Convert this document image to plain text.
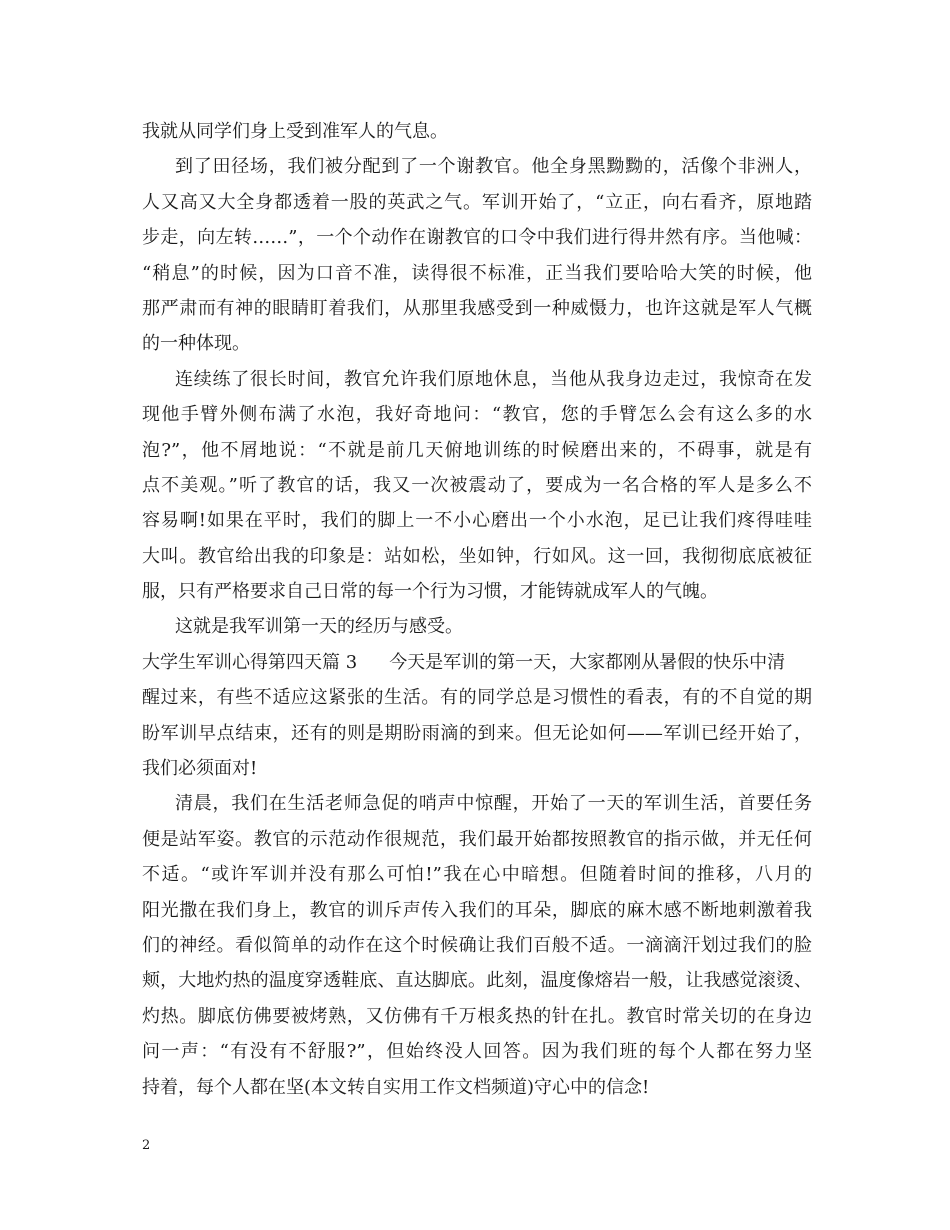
我就从同学们身上受到准军人的气息。
到了田径场，我们被分配到了一个谢教官。他全身黑黝黝的，活像个非洲人，
人又高又大全身都透着一股的英武之气。军训开始了，“立正，向右看齐，原地踏
步走，向左转……”，一个个动作在谢教官的口令中我们进行得井然有序。当他喊：
“稍息”的时候，因为口音不准，读得很不标准，正当我们要哈哈大笑的时候，他
那严肃而有神的眼睛盯着我们，从那里我感受到一种威慑力，也许这就是军人气概
的一种体现。
连续练了很长时间，教官允许我们原地休息，当他从我身边走过，我惊奇在发
现他手臂外侧布满了水泡，我好奇地问：“教官，您的手臂怎么会有这么多的水
泡?”，他不屑地说：“不就是前几天俯地训练的时候磨出来的，不碍事，就是有
点不美观。”听了教官的话，我又一次被震动了，要成为一名合格的军人是多么不
容易啊!如果在平时，我们的脚上一不小心磨出一个小水泡，足已让我们疼得哇哇
大叫。教官给出我的印象是：站如松，坐如钟，行如风。这一回，我彻彻底底被征
服，只有严格要求自己日常的每一个行为习惯，才能铸就成军人的气魄。
这就是我军训第一天的经历与感受。
大学生军训心得第四天篇 3 今天是军训的第一天，大家都刚从暑假的快乐中清
醒过来，有些不适应这紧张的生活。有的同学总是习惯性的看表，有的不自觉的期
盼军训早点结束，还有的则是期盼雨滴的到来。但无论如何——军训已经开始了，
我们必须面对!
清晨，我们在生活老师急促的哨声中惊醒，开始了一天的军训生活，首要任务
便是站军姿。教官的示范动作很规范，我们最开始都按照教官的指示做，并无任何
不适。“或许军训并没有那么可怕!”我在心中暗想。但随着时间的推移，八月的
阳光撒在我们身上，教官的训斥声传入我们的耳朵，脚底的麻木感不断地刺激着我
们的神经。看似简单的动作在这个时候确让我们百般不适。一滴滴汗划过我们的脸
颊，大地灼热的温度穿透鞋底、直达脚底。此刻，温度像熔岩一般，让我感觉滚烫、
灼热。脚底仿佛要被烤熟，又仿佛有千万根炙热的针在扎。教官时常关切的在身边
问一声：“有没有不舒服?”，但始终没人回答。因为我们班的每个人都在努力坚
持着，每个人都在坚(本文转自实用工作文档频道)守心中的信念!
2
